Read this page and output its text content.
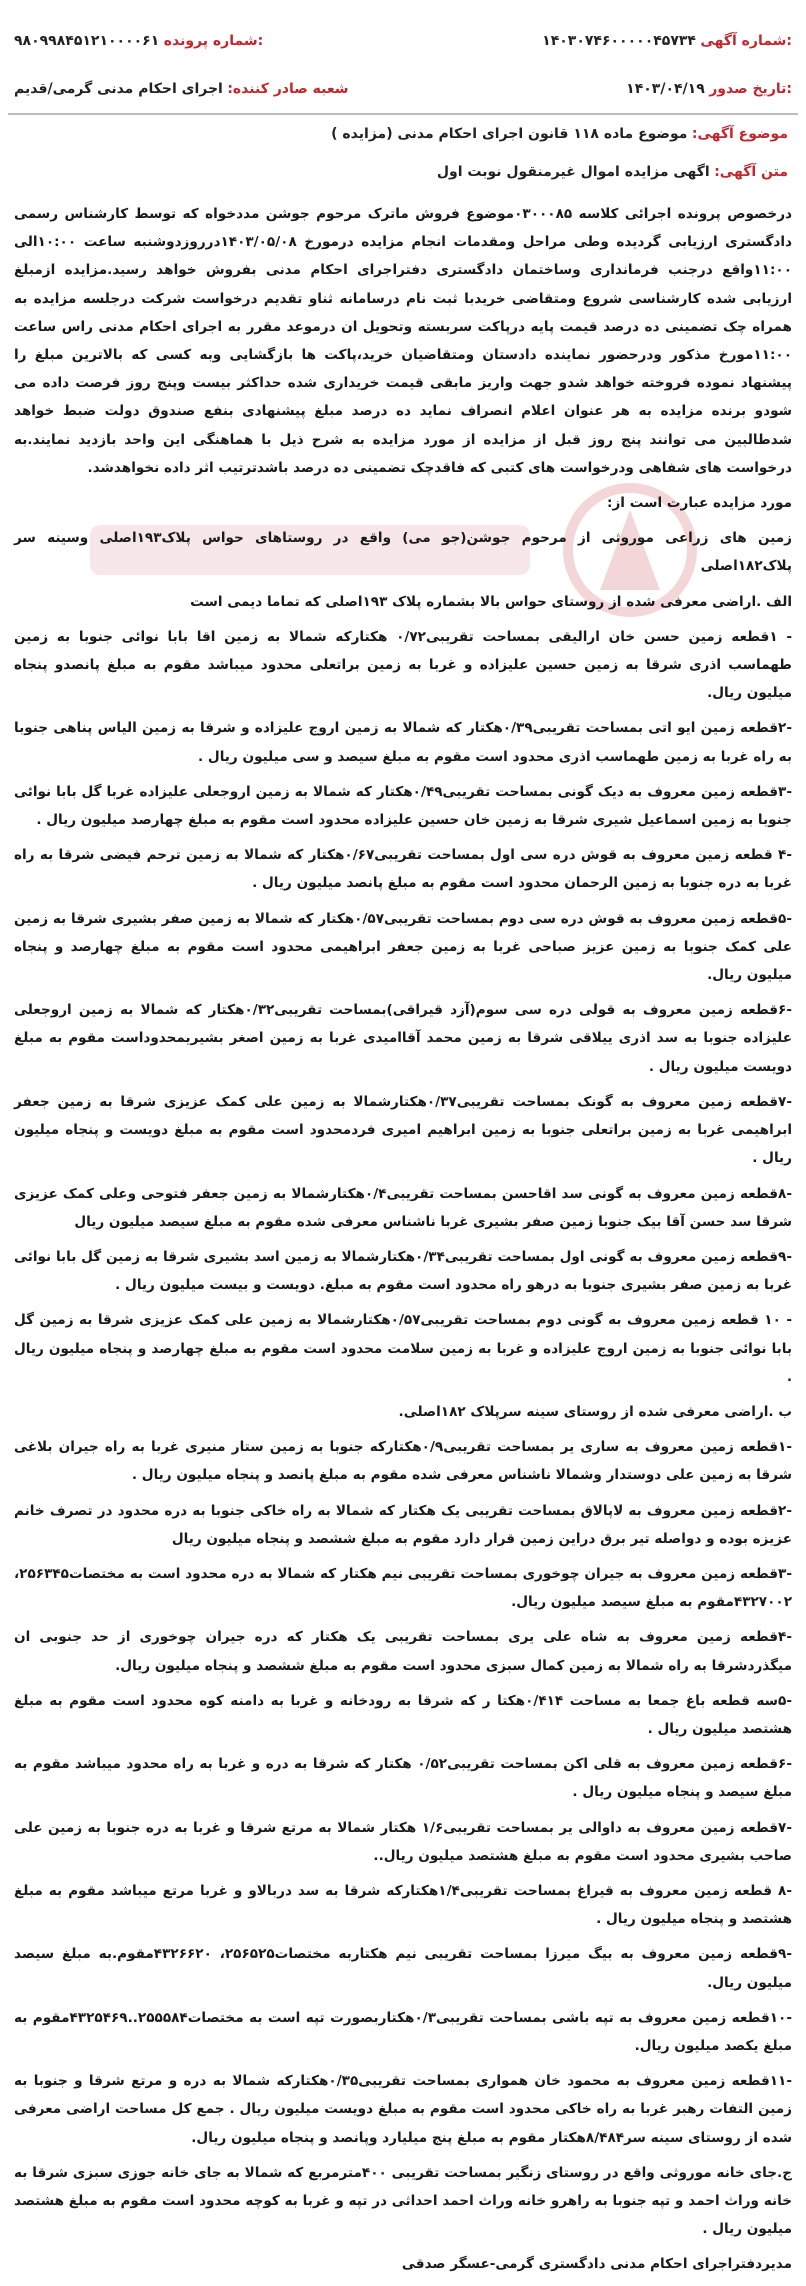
۱۴۰۳۰۷۴۶۰۰۰۰۰۴۵۷۳۴ شماره آگهی:
۹۸۰۹۹۸۴۵۱۲۱۰۰۰۰۶۱ شماره پرونده:
۱۴۰۳/۰۴/۱۹ تاریخ صدور:
شعبه صادر کننده: اجرای احکام مدنی گرمی/قدیم
موضوع آگهی: موضوع ماده ۱۱۸ قانون اجرای احکام مدنی (مزایده )
متن آگهی: اگهی مزایده اموال غیرمنقول نوبت اول

درخصوص پرونده اجرائی کلاسه ۰۳۰۰۰۸۵موضوع فروش ماترک مرحوم جوشن مددخواه که توسط کارشناس رسمی دادگستری ارزیابی گردیده وطی مراحل ومقدمات انجام مزایده درمورخ ۱۴۰۳/۰۵/۰۸درروزدوشنبه ساعت ۱۰:۰۰الی ۱۱:۰۰واقع درجنب فرمانداری وساختمان دادگستری دفتراجرای احکام مدنی بفروش خواهد رسید.مزایده ازمبلغ ارزیابی شده کارشناسی شروع ومتقاضی خریدبا ثبت نام درسامانه ثناو تقدیم درخواست شرکت درجلسه مزایده به همراه چک تضمینی ده درصد قیمت پایه درپاکت سربسته وتحویل ان درموعد مقرر به اجرای احکام مدنی راس ساعت ۱۱:۰۰مورخ مذکور ودرحضور نماینده دادستان ومتقاضیان خرید،پاکت ها بازگشایی وبه کسی که بالاترین مبلغ را پیشنهاد نموده فروخته خواهد شدو جهت واریز مابقی قیمت خریداری شده حداکثر بیست وپنج روز فرصت داده می شودو برنده مزایده به هر عنوان اعلام انصراف نماید ده درصد مبلغ پیشنهادی بنفع صندوق دولت ضبط خواهد شدطالبین می توانند پنج روز قبل از مزایده از مورد مزایده به شرح ذیل با هماهنگی این واحد بازدید نمایند.به درخواست های شفاهی ودرخواست های کتبی که فاقدچک تضمینی ده درصد باشدترتیب اثر داده نخواهدشد.

مورد مزایده عبارت است از:

زمین های زراعی موروثی از مرحوم جوشن(جو می) واقع در روستاهای حواس پلاک۱۹۳اصلی وسینه سر پلاک۱۸۲اصلی

الف .اراضی معرفی شده از روستای حواس بالا بشماره پلاک ۱۹۳اصلی که تماما دیمی است

- ۱قطعه زمین حسن خان ارالیقی بمساحت تقریبی۰/۷۲ هکتارکه شمالا به زمین اقا بابا نوائی جنوبا به زمین طهماسب اذری شرقا به زمین حسین علیزاده و غربا به زمین براتعلی محدود میباشد مقوم به مبلغ پانصدو پنجاه میلیون ریال.

-۲قطعه زمین ایو اتی بمساحت تقریبی۰/۳۹هکتار که شمالا به زمین اروج علیزاده و شرقا به زمین الیاس پناهی جنوبا به راه غربا به زمین طهماسب اذری محدود است مقوم به مبلغ سیصد و سی میلیون ریال .

-۳قطعه زمین معروف به دیک گونی بمساحت تقریبی۰/۴۹هکتار که شمالا به زمین اروجعلی علیزاده غربا گل بابا نوائی جنوبا به زمین اسماعیل شیری شرقا به زمین خان حسین علیزاده محدود است مقوم به مبلغ چهارصد میلیون ریال .

-۴ قطعه زمین معروف به قوش دره سی اول بمساحت تقریبی۰/۶۷هکتار که شمالا به زمین ترحم فیضی شرقا به راه غربا به دره جنوبا به زمین الرحمان محدود است مقوم به مبلغ پانصد میلیون ریال .

-۵قطعه زمین معروف به قوش دره سی دوم بمساحت تقریبی۰/۵۷هکتار که شمالا به زمین صفر بشیری شرقا به زمین علی کمک جنوبا به زمین عزیز صباحی غربا به زمین جعفر ابراهیمی محدود است مقوم به مبلغ چهارصد و پنجاه میلیون ریال.

-۶قطعه زمین معروف به قولی دره سی سوم(آزد قیراقی)بمساحت تقریبی۰/۳۲هکتار که شمالا به زمین اروجعلی علیزاده جنوبا به سد اذری ییلاقی شرقا به زمین محمد آقاامیدی غربا به زمین اصغر بشیریمحدوداست مقوم به مبلغ دویست میلیون ریال .

-۷قطعه زمین معروف به گونک بمساحت تقریبی۰/۳۷هکتارشمالا به زمین علی کمک عزیزی شرقا به زمین جعفر ابراهیمی غربا به زمین براتعلی جنوبا به زمین ابراهیم امیری فردمحدود است مقوم به مبلغ دویست و پنجاه میلیون ریال .

-۸قطعه زمین معروف به گونی سد اقاحسن بمساحت تقریبی۰/۴هکتارشمالا به زمین جعفر فتوحی وعلی کمک عزیزی شرقا سد حسن آقا بیک جنوبا زمین صفر بشیری غربا ناشناس معرفی شده مقوم به مبلغ سیصد میلیون ریال

-۹قطعه زمین معروف به گونی اول بمساحت تقریبی۰/۳۴هکتارشمالا به زمین اسد بشیری شرقا به زمین گل بابا نوائی غربا به زمین صفر بشیری جنوبا به درهو راه محدود است مقوم به مبلغ. دویست و بیست میلیون ریال .

- ۱۰ قطعه زمین معروف به گونی دوم بمساحت تقریبی۰/۵۷هکتارشمالا به زمین علی کمک عزیزی شرقا به زمین گل بابا نوائی جنوبا به زمین اروج علیزاده و غربا به زمین سلامت محدود است مقوم به مبلغ چهارصد و پنجاه میلیون ریال .

ب .اراضی معرفی شده از روستای سینه سرپلاک ۱۸۲اصلی.

-۱قطعه زمین معروف به ساری یر بمساحت تقریبی۰/۹هکتارکه جنوبا به زمین ستار منیری غربا به راه جیران بلاغی شرقا به زمین علی دوستدار وشمالا ناشناس معرفی شده مقوم به مبلغ پانصد و پنجاه میلیون ریال .

-۲قطعه زمین معروف به لاپالاق بمساحت تقریبی یک هکتار که شمالا به راه خاکی جنوبا به دره محدود در تصرف خانم عزیزه بوده و دواصله تیر برق دراین زمین قرار دارد مقوم به مبلغ ششصد و پنجاه میلیون ریال

-۳قطعه زمین معروف به جیران چوخوری بمساحت تقریبی نیم هکتار که شمالا به دره محدود است به مختصات۲۵۶۳۴۵، ۴۳۲۷۰۰۲مقوم به مبلغ سیصد میلیون ریال.

-۴قطعه زمین معروف به شاه علی یری بمساحت تقریبی یک هکتار که دره جیران چوخوری از حد جنوبی ان میگذردشرقا به راه شمالا به زمین کمال سبزی محدود است مقوم به مبلغ ششصد و پنجاه میلیون ریال.

-۵سه قطعه باغ جمعا به مساحت ۰/۴۱۴هکتا ر که شرقا به رودخانه و غربا به دامنه کوه محدود است مقوم به مبلغ هشتصد میلیون ریال .

-۶قطعه زمین معروف به قلی اکن بمساحت تقریبی۰/۵۲ هکتار که شرقا به دره و غربا به راه محدود میباشد مقوم به مبلغ سیصد و پنجاه میلیون ریال .

-۷قطعه زمین معروف به داوالی یر بمساحت تقریبی۱/۶ هکتار شمالا به مرتع شرقا و غربا به دره جنوبا به زمین علی صاحب بشیری محدود است مقوم به مبلغ هشتصد میلیون ریال..

-۸ قطعه زمین معروف به قیراغ بمساحت تقریبی۱/۴هکتارکه شرقا به سد دربالاو و غربا مرتع میباشد مقوم به مبلغ هشتصد و پنجاه میلیون ریال .

-۹قطعه زمین معروف به بیگ میرزا بمساحت تقریبی نیم هکتاربه مختصات۲۵۶۵۲۵، ۴۳۲۶۶۲۰مقوم.به مبلغ سیصد میلیون ریال.

-۱۰قطعه زمین معروف به تپه باشی بمساحت تقریبی۰/۳هکتاربصورت تپه است به مختصات۲۵۵۵۸۴..۴۳۲۵۴۶۹مقوم به مبلغ یکصد میلیون ریال.

-۱۱قطعه زمین معروف به محمود خان همواری بمساحت تقریبی۰/۳۵هکتارکه شمالا به دره و مرتع شرقا و جنوبا به زمین التفات رهبر غربا به راه خاکی محدود است مقوم به مبلغ دویست میلیون ریال . جمع کل مساحت اراضی معرفی شده از روستای سینه سر۸/۴۸۴هکتار مقوم به مبلغ پنج میلیارد وپانصد و پنجاه میلیون ریال.

ج.جای خانه موروثی واقع در روستای زنگیر بمساحت تقریبی ۴۰۰مترمربع که شمالا به جای خانه جوزی سبزی شرقا به خانه وراث احمد و تپه جنوبا به راهرو خانه وراث احمد احداثی در تپه و غربا به کوچه محدود است مقوم به مبلغ هشتصد میلیون ریال .

مدیردفتراجرای احکام مدنی دادگستری گرمی-عسگر صدقی
